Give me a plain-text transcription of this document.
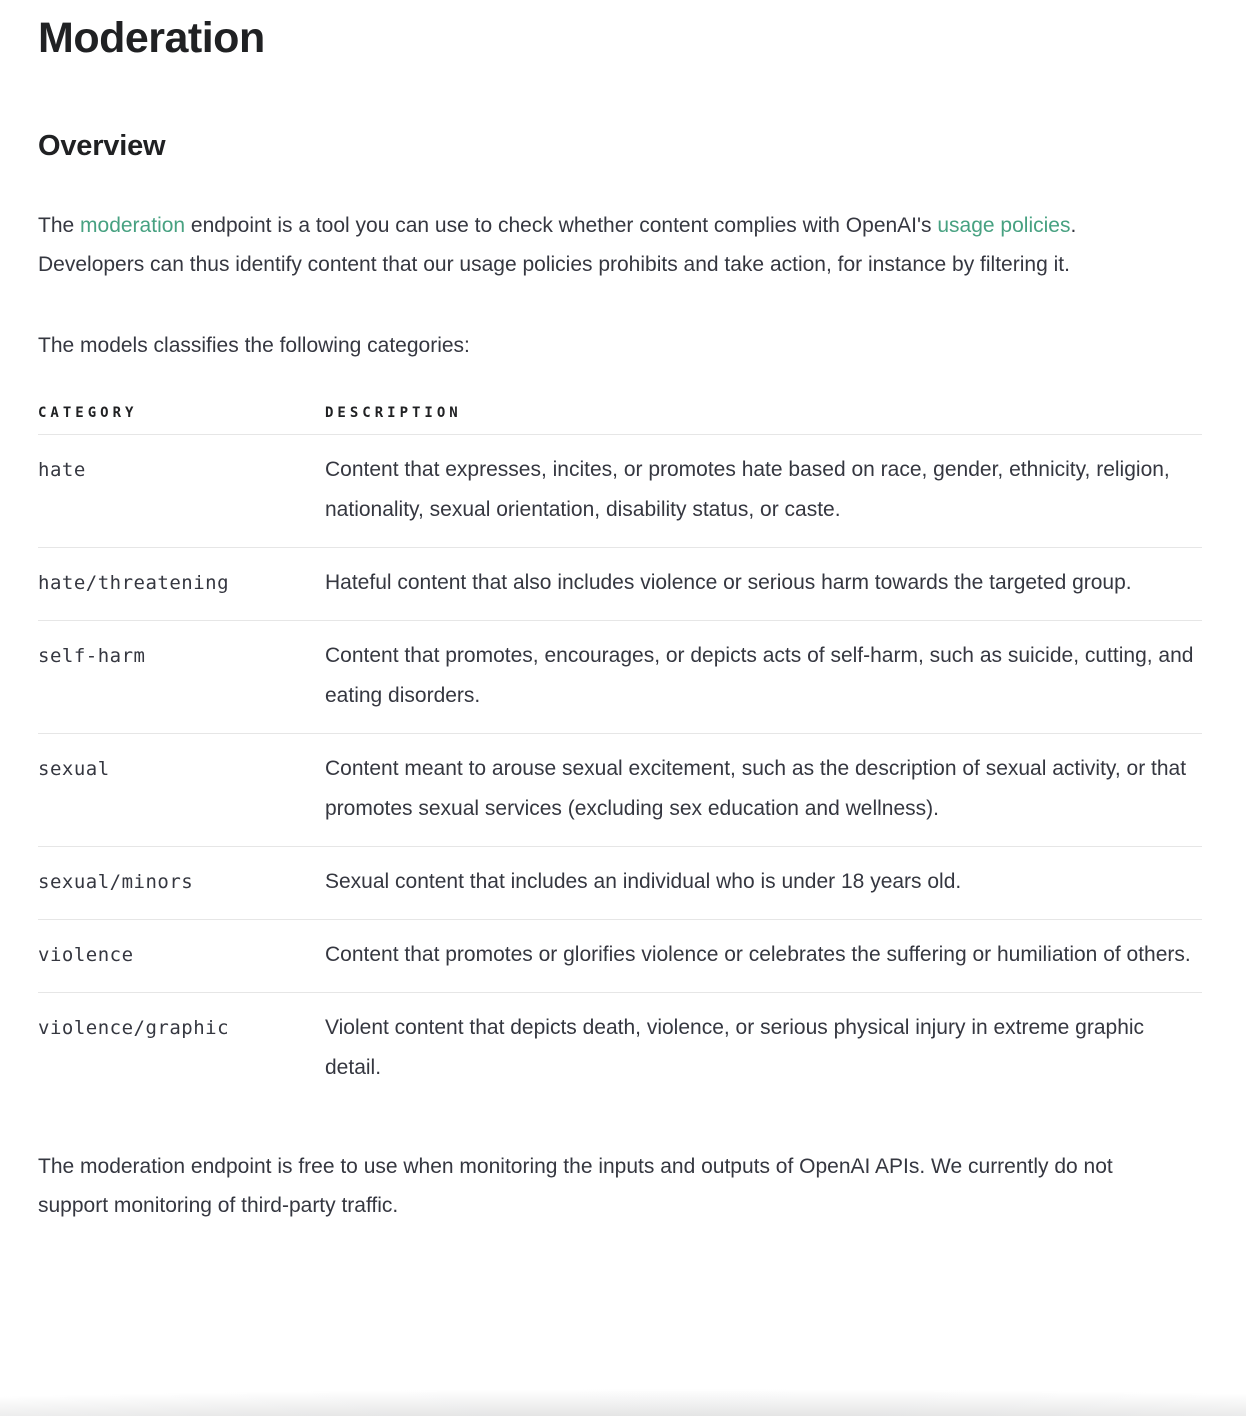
Moderation
Overview

The moderation endpoint is a tool you can use to check whether content complies with OpenAI's usage policies. Developers can thus identify content that our usage policies prohibits and take action, for instance by filtering it.

The models classifies the following categories:

CATEGORY	DESCRIPTION
hate	Content that expresses, incites, or promotes hate based on race, gender, ethnicity, religion, nationality, sexual orientation, disability status, or caste.
hate/threatening	Hateful content that also includes violence or serious harm towards the targeted group.
self-harm	Content that promotes, encourages, or depicts acts of self-harm, such as suicide, cutting, and eating disorders.
sexual	Content meant to arouse sexual excitement, such as the description of sexual activity, or that promotes sexual services (excluding sex education and wellness).
sexual/minors	Sexual content that includes an individual who is under 18 years old.
violence	Content that promotes or glorifies violence or celebrates the suffering or humiliation of others.
violence/graphic	Violent content that depicts death, violence, or serious physical injury in extreme graphic detail.

The moderation endpoint is free to use when monitoring the inputs and outputs of OpenAI APIs. We currently do not support monitoring of third-party traffic.
